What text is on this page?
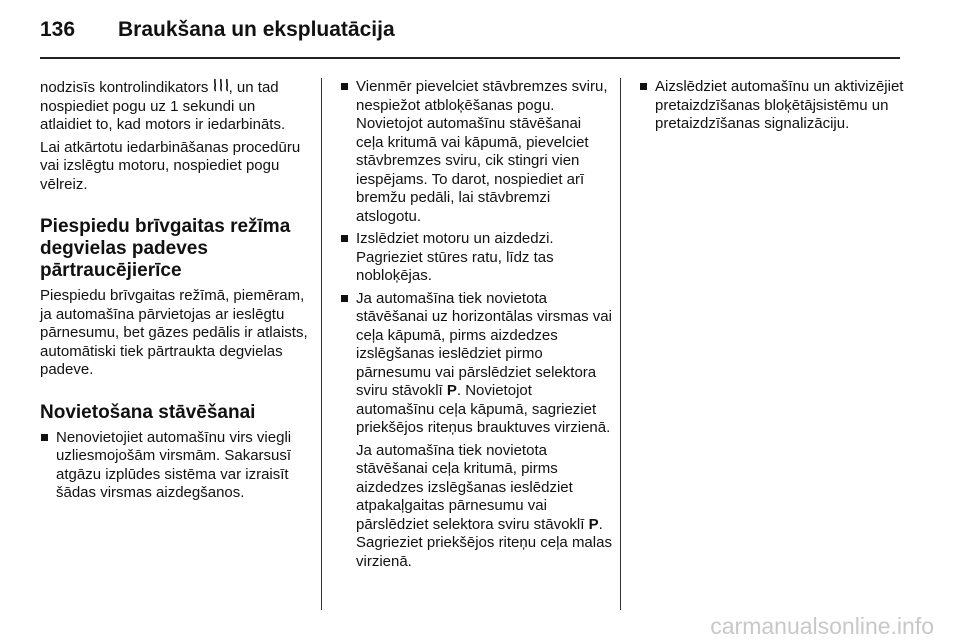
136 Braukšana un ekspluatācija

nodzisīs kontrolindikators , un tad nospiediet pogu uz 1 sekundi un atlaidiet to, kad motors ir iedarbināts.

Lai atkārtotu iedarbināšanas procedūru vai izslēgtu motoru, nospiediet pogu vēlreiz.

Piespiedu brīvgaitas režīma degvielas padeves pārtraucējierīce

Piespiedu brīvgaitas režīmā, piemēram, ja automašīna pārvietojas ar ieslēgtu pārnesumu, bet gāzes pedālis ir atlaists, automātiski tiek pārtraukta degvielas padeve.

Novietošana stāvēšanai
Nenovietojiet automašīnu virs viegli uzliesmojošām virsmām. Sakarsusī atgāzu izplūdes sistēma var izraisīt šādas virsmas aizdegšanos.
Vienmēr pievelciet stāvbremzes sviru, nespiežot atbloķēšanas pogu. Novietojot automašīnu stāvēšanai ceļa kritumā vai kāpumā, pievelciet stāvbremzes sviru, cik stingri vien iespējams. To darot, nospiediet arī bremžu pedāli, lai stāvbremzi atslogotu.
Izslēdziet motoru un aizdedzi. Pagrieziet stūres ratu, līdz tas nobloķējas.
Ja automašīna tiek novietota stāvēšanai uz horizontālas virsmas vai ceļa kāpumā, pirms aizdedzes izslēgšanas ieslēdziet pirmo pārnesumu vai pārslēdziet selektora sviru stāvoklī P. Novietojot automašīnu ceļa kāpumā, sagrieziet priekšējos riteņus brauktuves virzienā.

Ja automašīna tiek novietota stāvēšanai ceļa kritumā, pirms aizdedzes izslēgšanas ieslēdziet atpakaļgaitas pārnesumu vai pārslēdziet selektora sviru stāvoklī P. Sagrieziet priekšējos riteņu ceļa malas virzienā.

Aizslēdziet automašīnu un aktivizējiet pretaizdzīšanas bloķētājsistēmu un pretaizdzīšanas signalizāciju.
carmanualsonline.info
